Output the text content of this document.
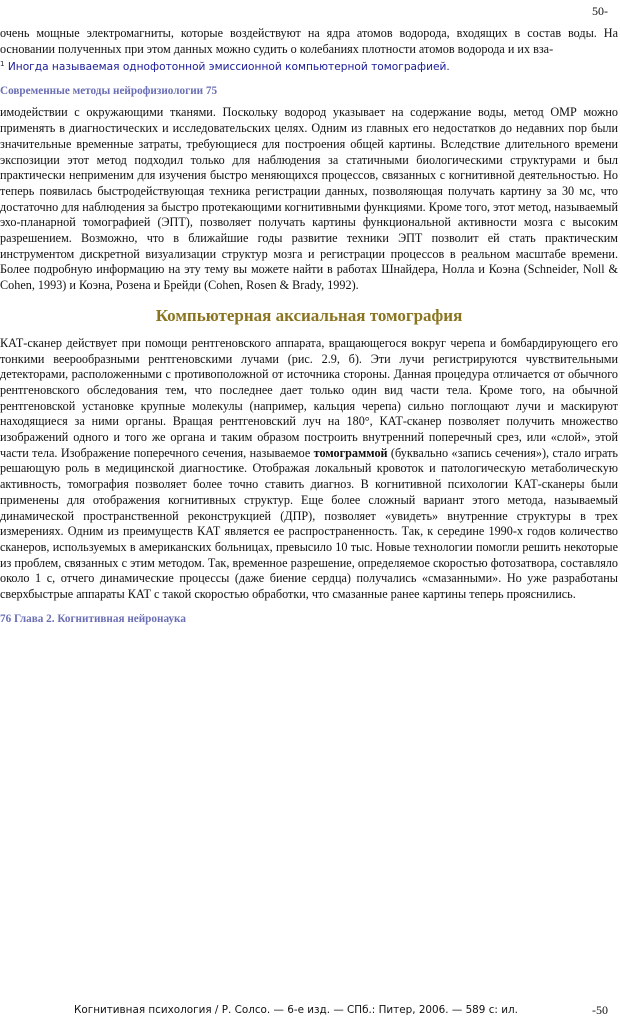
50-

очень мощные электромагниты, которые воздействуют на ядра атомов водорода, входящих в состав воды. На основании полученных при этом данных можно судить о колебаниях плотности атомов водорода и их вза-

$^1$ Иногда называемая однофотонной эмиссионной компьютерной томографией.
Современные методы нейрофизиологии 75

имодействии с окружающими тканями. Поскольку водород указывает на содержание воды, метод ОМР можно применять в диагностических и исследовательских целях. Одним из главных его недостатков до недавних пор были значительные временные затраты, требующиеся для построения общей картины. Вследствие длительного времени экспозиции этот метод подходил только для наблюдения за статичными биологическими структурами и был практически неприменим для изучения быстро меняющихся процессов, связанных с когнитивной деятельностью. Но теперь появилась быстродействующая техника регистрации данных, позволяющая получать картину за 30 мс, что достаточно для наблюдения за быстро протекающими когнитивными функциями. Кроме того, этот метод, называемый эхо-планарной томографией (ЭПТ), позволяет получать картины функциональной активности мозга с высоким разрешением. Возможно, что в ближайшие годы развитие техники ЭПТ позволит ей стать практическим инструментом дискретной визуализации структур мозга и регистрации процессов в реальном масштабе времени. Более подробную информацию на эту тему вы можете найти в работах Шнайдера, Нолла и Коэна (Schneider, Noll & Cohen, 1993) и Коэна, Розена и Брейди (Cohen, Rosen & Brady, 1992).

Компьютерная аксиальная томография

КАТ-сканер действует при помощи рентгеновского аппарата, вращающегося вокруг черепа и бомбардирующего его тонкими веерообразными рентгеновскими лучами (рис. 2.9, б). Эти лучи регистрируются чувствительными детекторами, расположенными с противоположной от источника стороны. Данная процедура отличается от обычного рентгеновского обследования тем, что последнее дает только один вид части тела. Кроме того, на обычной рентгеновской установке крупные молекулы (например, кальция черепа) сильно поглощают лучи и маскируют находящиеся за ними органы. Вращая рентгеновский луч на 180°, КАТ-сканер позволяет получить множество изображений одного и того же органа и таким образом построить внутренний поперечный срез, или «слой», этой части тела. Изображение поперечного сечения, называемое томограммой (буквально «запись сечения»), стало играть решающую роль в медицинской диагностике. Отображая локальный кровоток и патологическую метаболическую активность, томография позволяет более точно ставить диагноз. В когнитивной психологии КАТ-сканеры были применены для отображения когнитивных структур. Еще более сложный вариант этого метода, называемый динамической пространственной реконструкцией (ДПР), позволяет «увидеть» внутренние структуры в трех измерениях. Одним из преимуществ КАТ является ее распространенность. Так, к середине 1990-х годов количество сканеров, используемых в американских больницах, превысило 10 тыс. Новые технологии помогли решить некоторые из проблем, связанных с этим методом. Так, временное разрешение, определяемое скоростью фотозатвора, составляло около 1 с, отчего динамические процессы (даже биение сердца) получались «смазанными». Но уже разработаны сверхбыстрые аппараты КАТ с такой скоростью обработки, что смазанные ранее картины теперь прояснились.

76 Глава 2. Когнитивная нейронаука
Когнитивная психология / Р. Солсо. — 6-е изд. — СПб.: Питер, 2006. — 589 с: ил.	-50
